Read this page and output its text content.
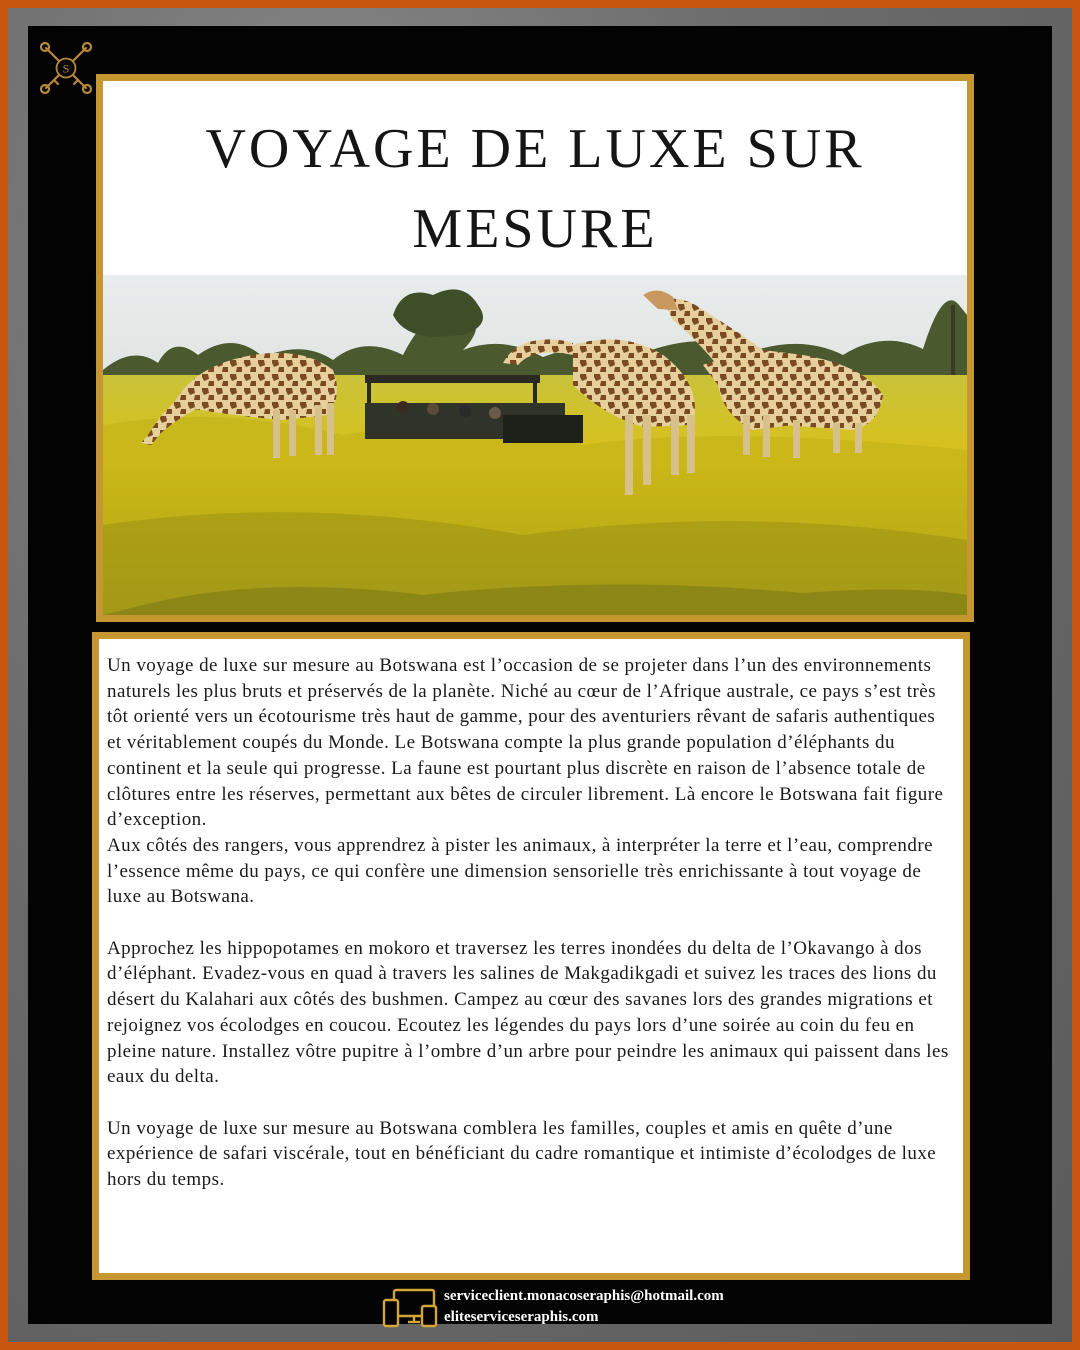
S
VOYAGE DE LUXE SUR MESURE

Un voyage de luxe sur mesure au Botswana est l’occasion de se projeter dans l’un des environnements naturels les plus bruts et préservés de la planète. Niché au cœur de l’Afrique australe, ce pays s’est très tôt orienté vers un écotourisme très haut de gamme, pour des aventuriers rêvant de safaris authentiques et véritablement coupés du Monde. Le Botswana compte la plus grande population d’éléphants du continent et la seule qui progresse. La faune est pourtant plus discrète en raison de l’absence totale de clôtures entre les réserves, permettant aux bêtes de circuler librement. Là encore le Botswana fait figure d’exception.

Aux côtés des rangers, vous apprendrez à pister les animaux, à interpréter la terre et l’eau, comprendre l’essence même du pays, ce qui confère une dimension sensorielle très enrichissante à tout voyage de luxe au Botswana.

Approchez les hippopotames en mokoro et traversez les terres inondées du delta de l’Okavango à dos d’éléphant. Evadez-vous en quad à travers les salines de Makgadikgadi et suivez les traces des lions du désert du Kalahari aux côtés des bushmen. Campez au cœur des savanes lors des grandes migrations et rejoignez vos écolodges en coucou. Ecoutez les légendes du pays lors d’une soirée au coin du feu en pleine nature. Installez vôtre pupitre à l’ombre d’un arbre pour peindre les animaux qui paissent dans les eaux du delta.

Un voyage de luxe sur mesure au Botswana comblera les familles, couples et amis en quête d’une expérience de safari viscérale, tout en bénéficiant du cadre romantique et intimiste d’écolodges de luxe hors du temps.

serviceclient.monacoseraphis@hotmail.com
eliteserviceseraphis.com
